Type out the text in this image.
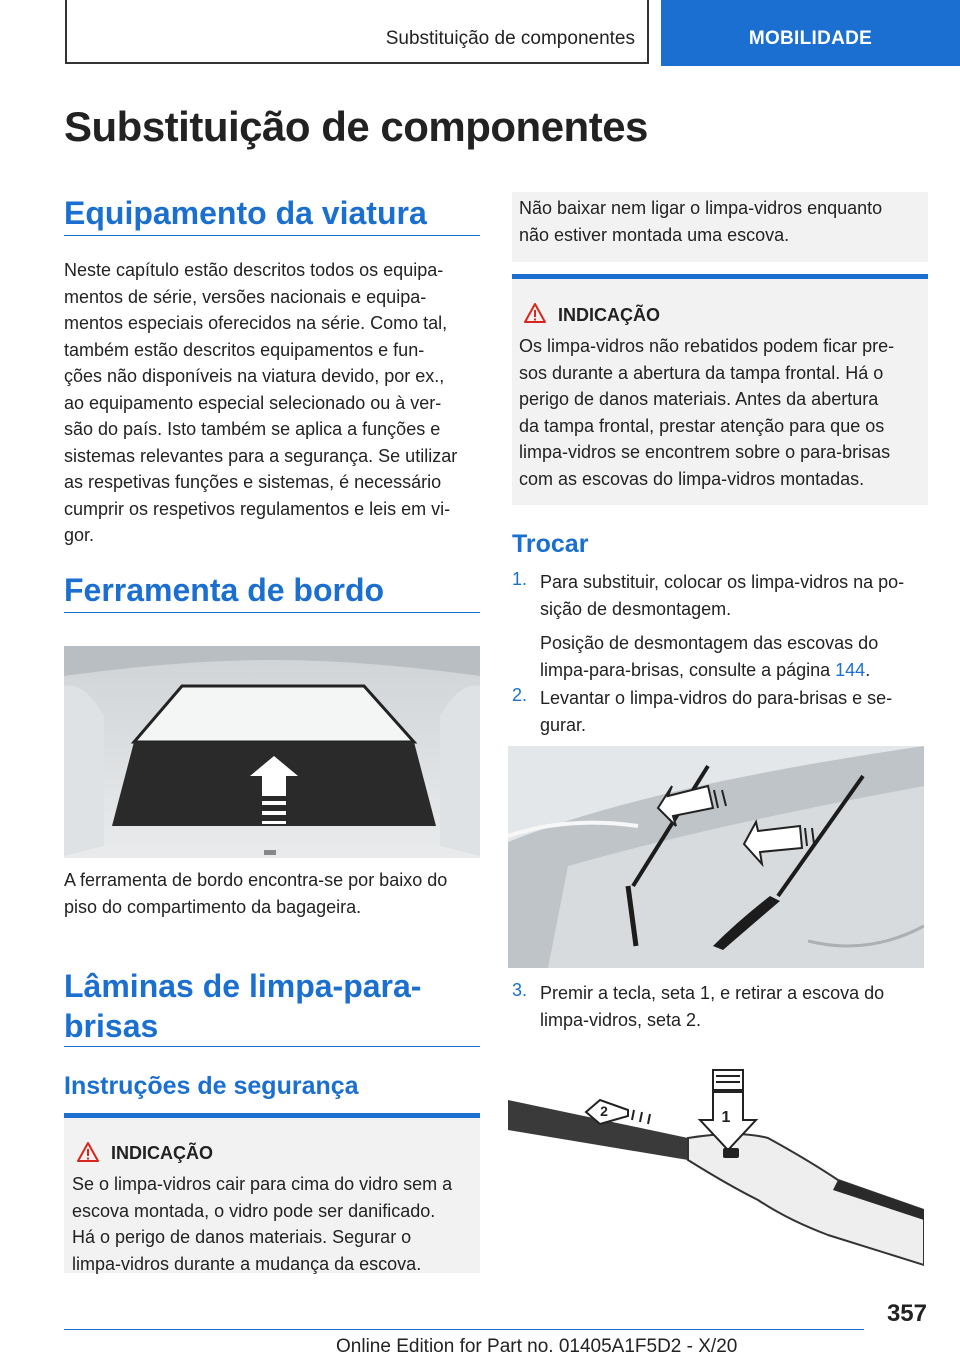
Substituição de componentes	MOBILIDADE
Substituição de componentes
Equipamento da viatura
Neste capítulo estão descritos todos os equipa-
mentos de série, versões nacionais e equipa-
mentos especiais oferecidos na série. Como tal,
também estão descritos equipamentos e fun-
ções não disponíveis na viatura devido, por ex.,
ao equipamento especial selecionado ou à ver-
são do país. Isto também se aplica a funções e
sistemas relevantes para a segurança. Se utilizar
as respetivas funções e sistemas, é necessário
cumprir os respetivos regulamentos e leis em vi-
gor.
Ferramenta de bordo
A ferramenta de bordo encontra-se por baixo do
piso do compartimento da bagageira.
Lâminas de limpa-para-
brisas
Instruções de segurança
INDICAÇÃO
Se o limpa-vidros cair para cima do vidro sem a
escova montada, o vidro pode ser danificado.
Há o perigo de danos materiais. Segurar o
limpa-vidros durante a mudança da escova.
Não baixar nem ligar o limpa-vidros enquanto
não estiver montada uma escova.
INDICAÇÃO
Os limpa-vidros não rebatidos podem ficar pre-
sos durante a abertura da tampa frontal. Há o
perigo de danos materiais. Antes da abertura
da tampa frontal, prestar atenção para que os
limpa-vidros se encontrem sobre o para-brisas
com as escovas do limpa-vidros montadas.
Trocar
1. Para substituir, colocar os limpa-vidros na po-
sição de desmontagem.
Posição de desmontagem das escovas do
limpa-para-brisas, consulte a página 144.
2. Levantar o limpa-vidros do para-brisas e se-
gurar.
3. Premir a tecla, seta 1, e retirar a escova do
limpa-vidros, seta 2.
1
2
357
Online Edition for Part no. 01405A1F5D2 - X/20
